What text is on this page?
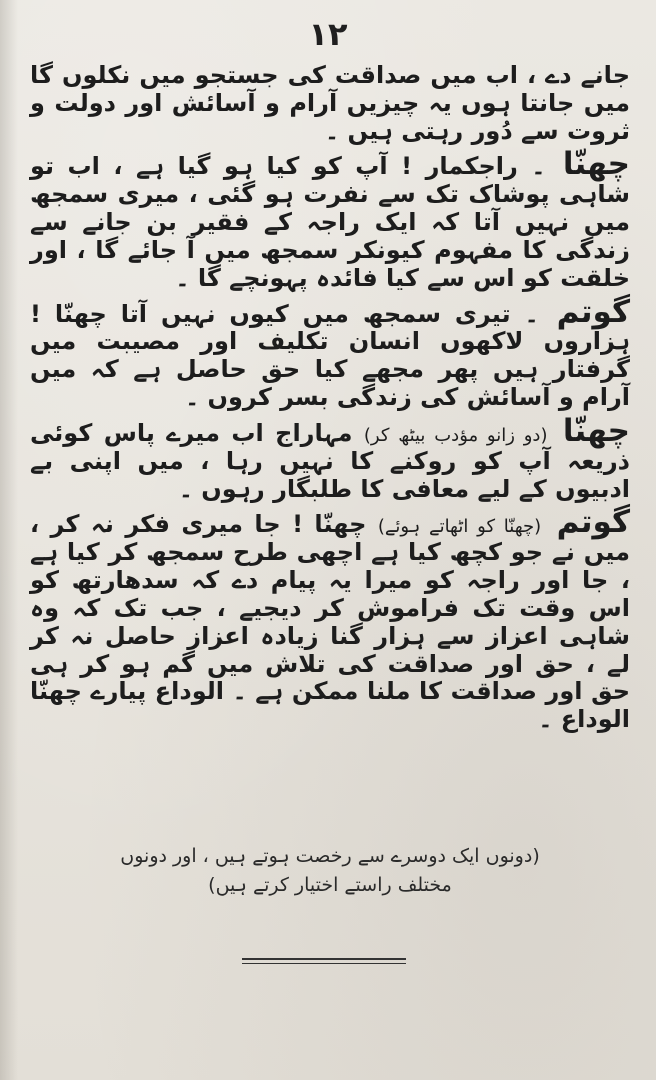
۱۲

جانے دے ، اب میں صداقت کی جستجو میں نکلوں گا میں جانتا ہوں یہ چیزیں آرام و آسائش اور دولت و ثروت سے دُور رہتی ہیں ۔

چھنّا ۔ راجکمار ! آپ کو کیا ہو گیا ہے ، اب تو شاہی پوشاک تک سے نفرت ہو گئی ، میری سمجھ میں نہیں آتا کہ ایک راجہ کے فقیر بن جانے سے زندگی کا مفہوم کیونکر سمجھ میں آ جائے گا ، اور خلقت کو اس سے کیا فائدہ پہونچے گا ۔

گوتم ۔ تیری سمجھ میں کیوں نہیں آتا چھنّا ! ہزاروں لاکھوں انسان تکلیف اور مصیبت میں گرفتار ہیں پھر مجھے کیا حق حاصل ہے کہ میں آرام و آسائش کی زندگی بسر کروں ۔

چھنّا (دو زانو مؤدب بیٹھ کر) مہاراج اب میرے پاس کوئی ذریعہ آپ کو روکنے کا نہیں رہا ، میں اپنی بے ادبیوں کے لیے معافی کا طلبگار رہوں ۔

گوتم (چھنّا کو اٹھاتے ہوئے) چھنّا ! جا میری فکر نہ کر ، میں نے جو کچھ کیا ہے اچھی طرح سمجھ کر کیا ہے ، جا اور راجہ کو میرا یہ پیام دے کہ سدھارتھ کو اس وقت تک فراموش کر دیجیے ، جب تک کہ وہ شاہی اعزاز سے ہزار گنا زیادہ اعزاز حاصل نہ کر لے ، حق اور صداقت کی تلاش میں گم ہو کر ہی حق اور صداقت کا ملنا ممکن ہے ۔ الوداع پیارے چھنّا الوداع ۔

(دونوں ایک دوسرے سے رخصت ہوتے ہیں ، اور دونوں
مختلف راستے اختیار کرتے ہیں)
